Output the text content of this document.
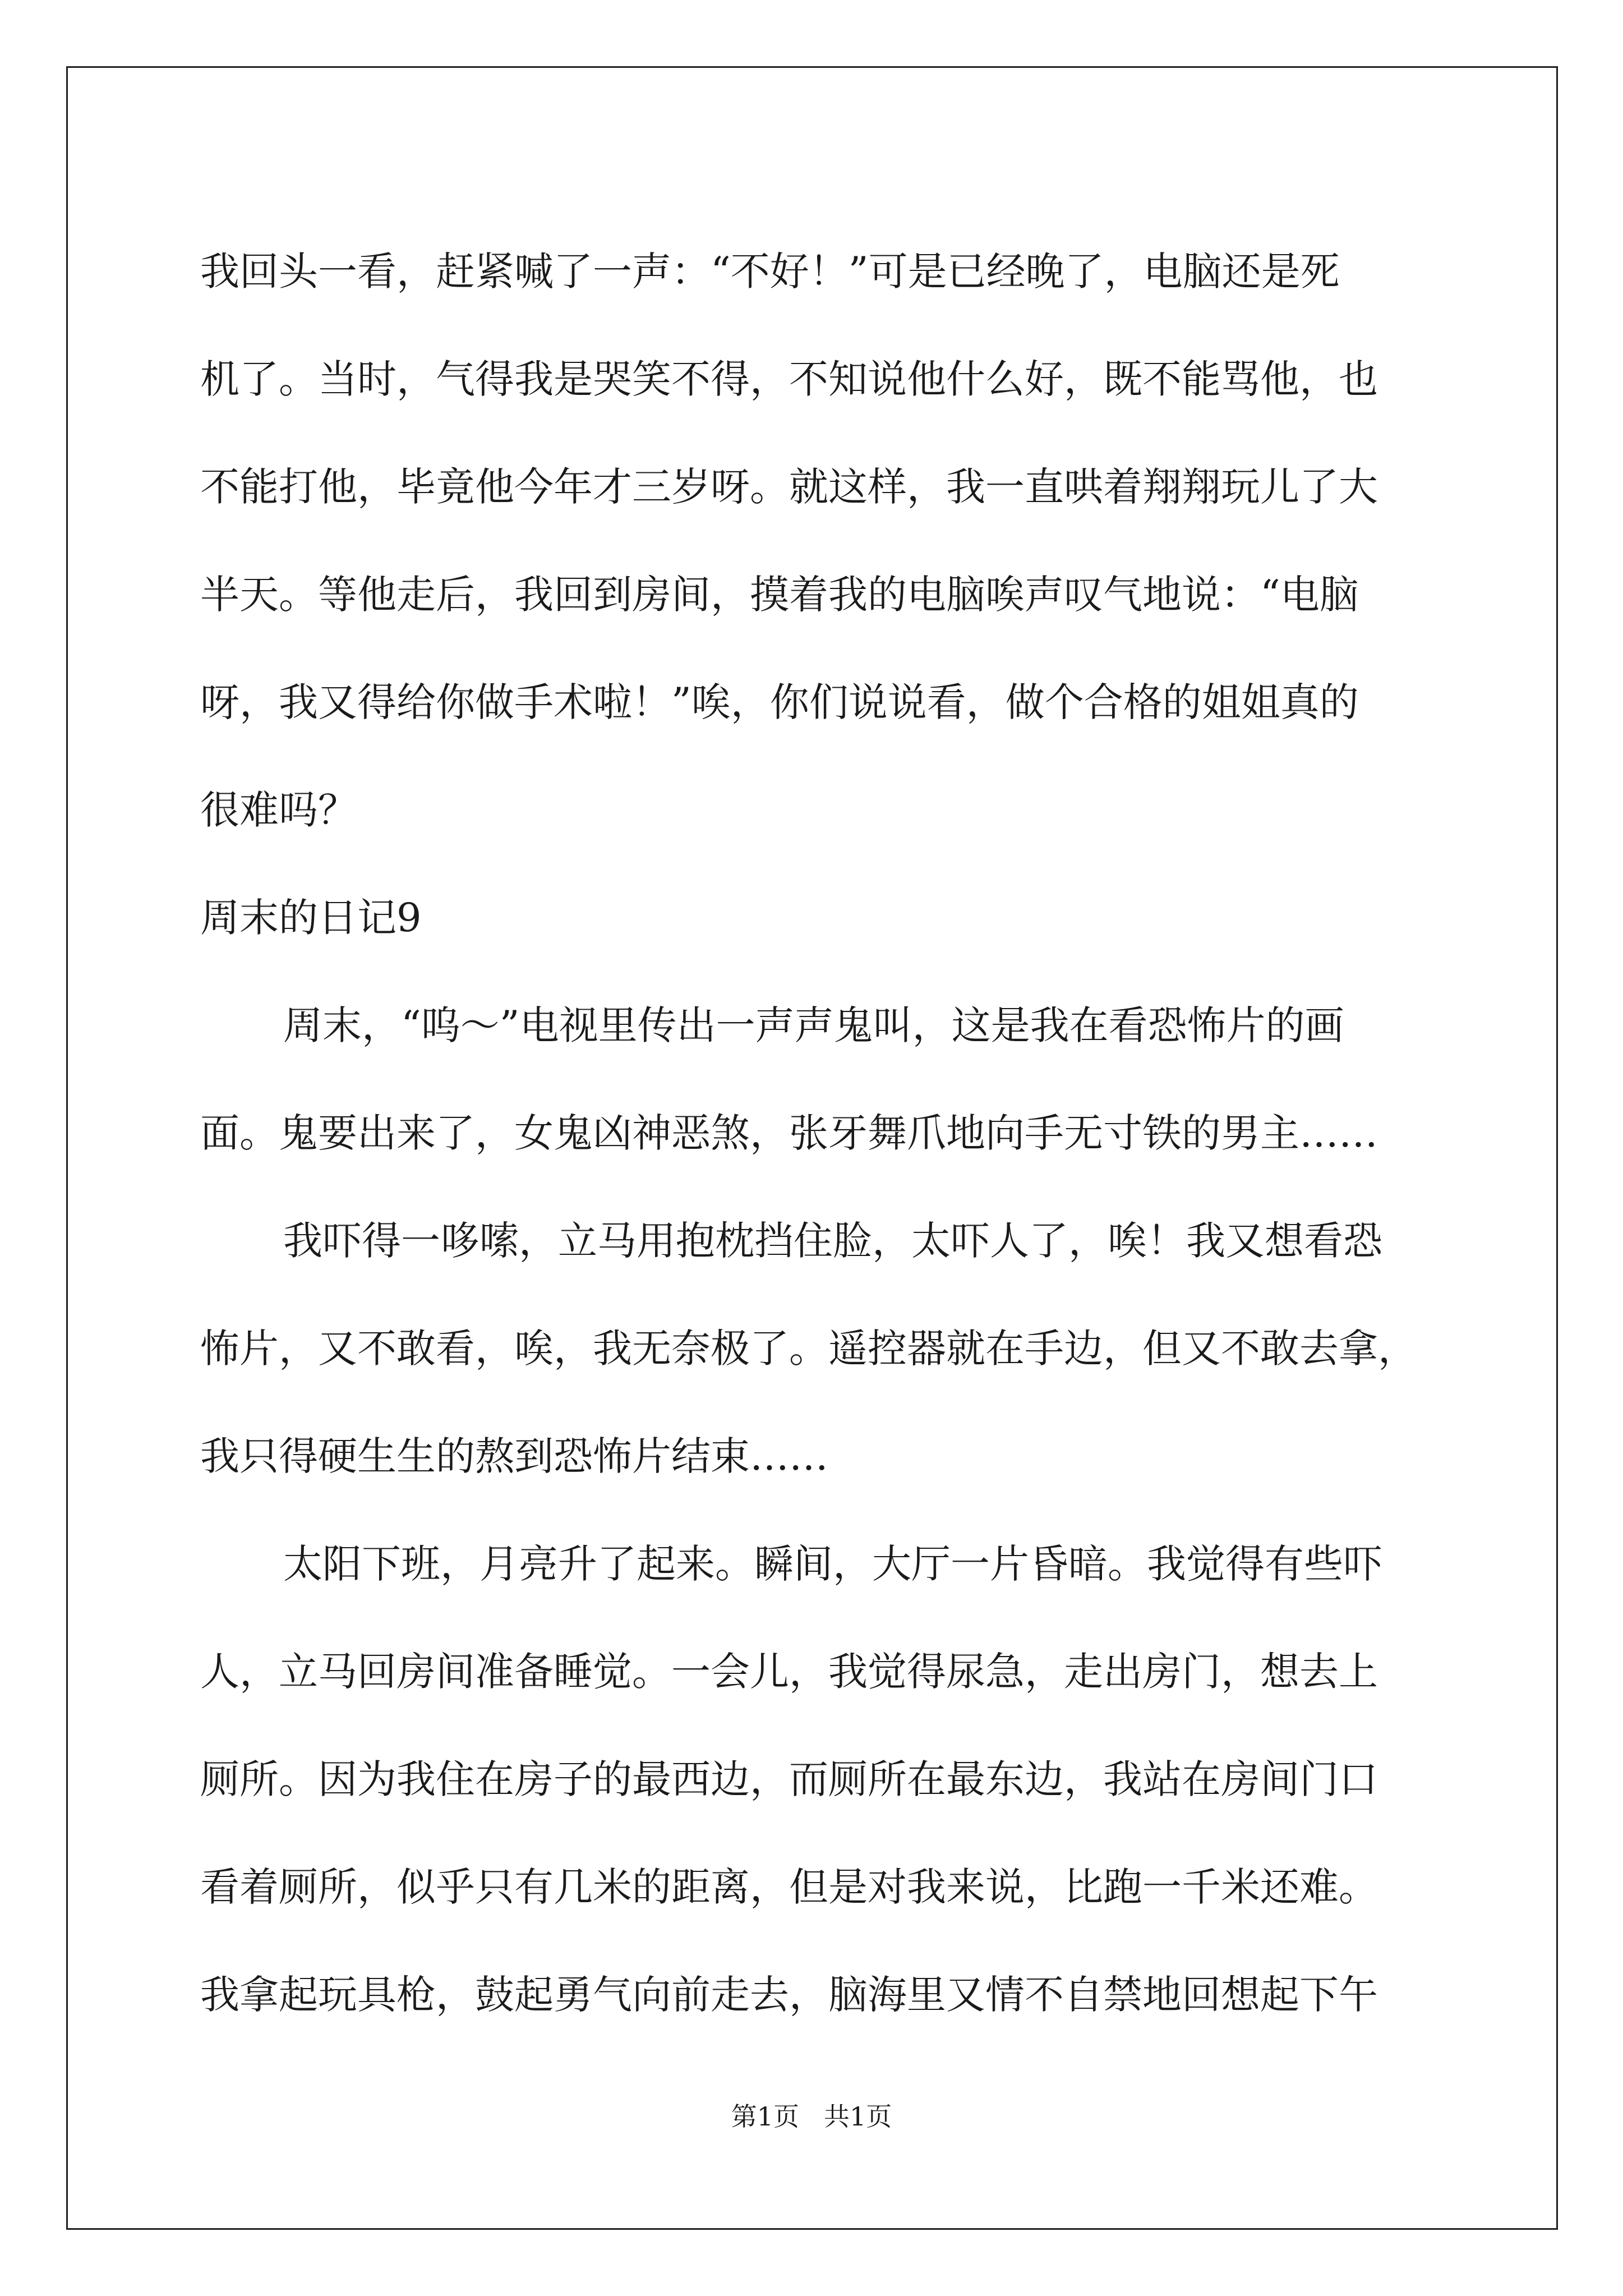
我回头一看，赶紧喊了一声：“不好！”可是已经晚了，电脑还是死

机了。当时，气得我是哭笑不得，不知说他什么好，既不能骂他，也

不能打他，毕竟他今年才三岁呀。就这样，我一直哄着翔翔玩儿了大

半天。等他走后，我回到房间，摸着我的电脑唉声叹气地说：“电脑

呀，我又得给你做手术啦！”唉，你们说说看，做个合格的姐姐真的

很难吗？

周末的日记9

周末，“呜～”电视里传出一声声鬼叫，这是我在看恐怖片的画

面。鬼要出来了，女鬼凶神恶煞，张牙舞爪地向手无寸铁的男主……

我吓得一哆嗦，立马用抱枕挡住脸，太吓人了，唉！我又想看恐

怖片，又不敢看，唉，我无奈极了。遥控器就在手边，但又不敢去拿，

我只得硬生生的熬到恐怖片结束……

太阳下班，月亮升了起来。瞬间，大厅一片昏暗。我觉得有些吓

人，立马回房间准备睡觉。一会儿，我觉得尿急，走出房门，想去上

厕所。因为我住在房子的最西边，而厕所在最东边，我站在房间门口

看着厕所，似乎只有几米的距离，但是对我来说，比跑一千米还难。

我拿起玩具枪，鼓起勇气向前走去，脑海里又情不自禁地回想起下午

第1页 共1页
